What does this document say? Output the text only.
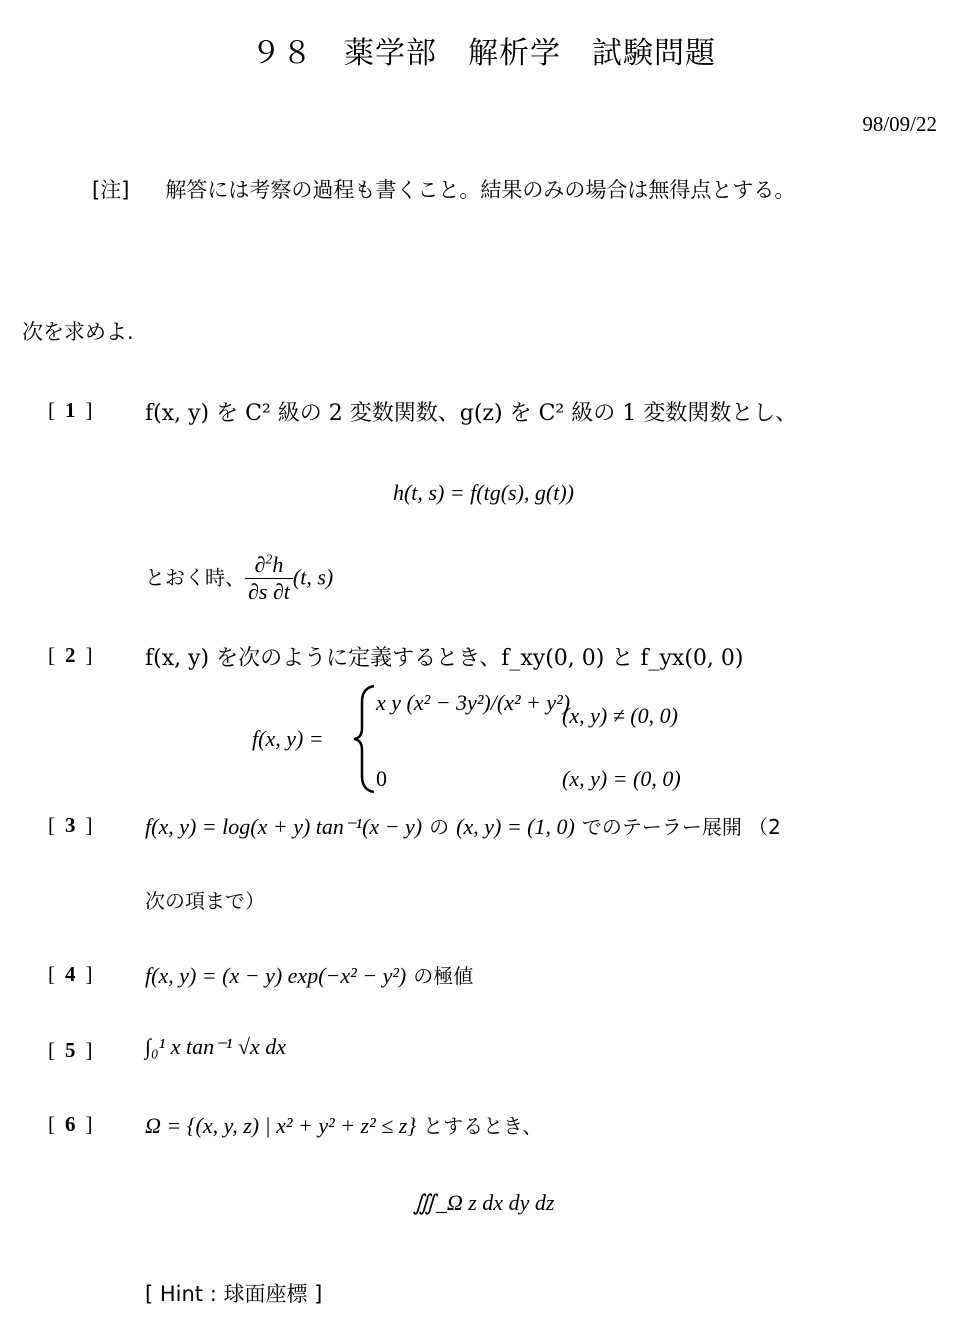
９８　薬学部　解析学　試験問題
98/09/22
[注] 解答には考察の過程も書くこと。結果のみの場合は無得点とする。
次を求めよ.
[ 1 ] f(x, y) を C² 級の 2 変数関数、g(z) を C² 級の 1 変数関数とし、
h(t, s) = f(tg(s), g(t))
とおく時、 $\frac{\partial^2h}{\partial s \partial t} (t$, s)
[ 2 ] f(x, y) を次のように定義するとき、f_xy(0, 0) と f_yx(0, 0)
f(x, y) =
x y (x² − 3y²)/(x² + y²)
(x, y) ≠ (0, 0)
0	(x, y) = (0, 0)
[ 3 ] f(x, y) = log(x + y) tan⁻¹(x − y) の (x, y) = (1, 0) でのテーラー展開 （2
次の項まで）
[ 4 ] f(x, y) = (x − y) exp(−x² − y²) の極値
[ 5 ] ∫₀¹ x tan⁻¹ √x dx
[ 6 ] Ω = {(x, y, z) | x² + y² + z² ≤ z} とするとき、
∭_Ω z dx dy dz
[ Hint : 球面座標 ]
